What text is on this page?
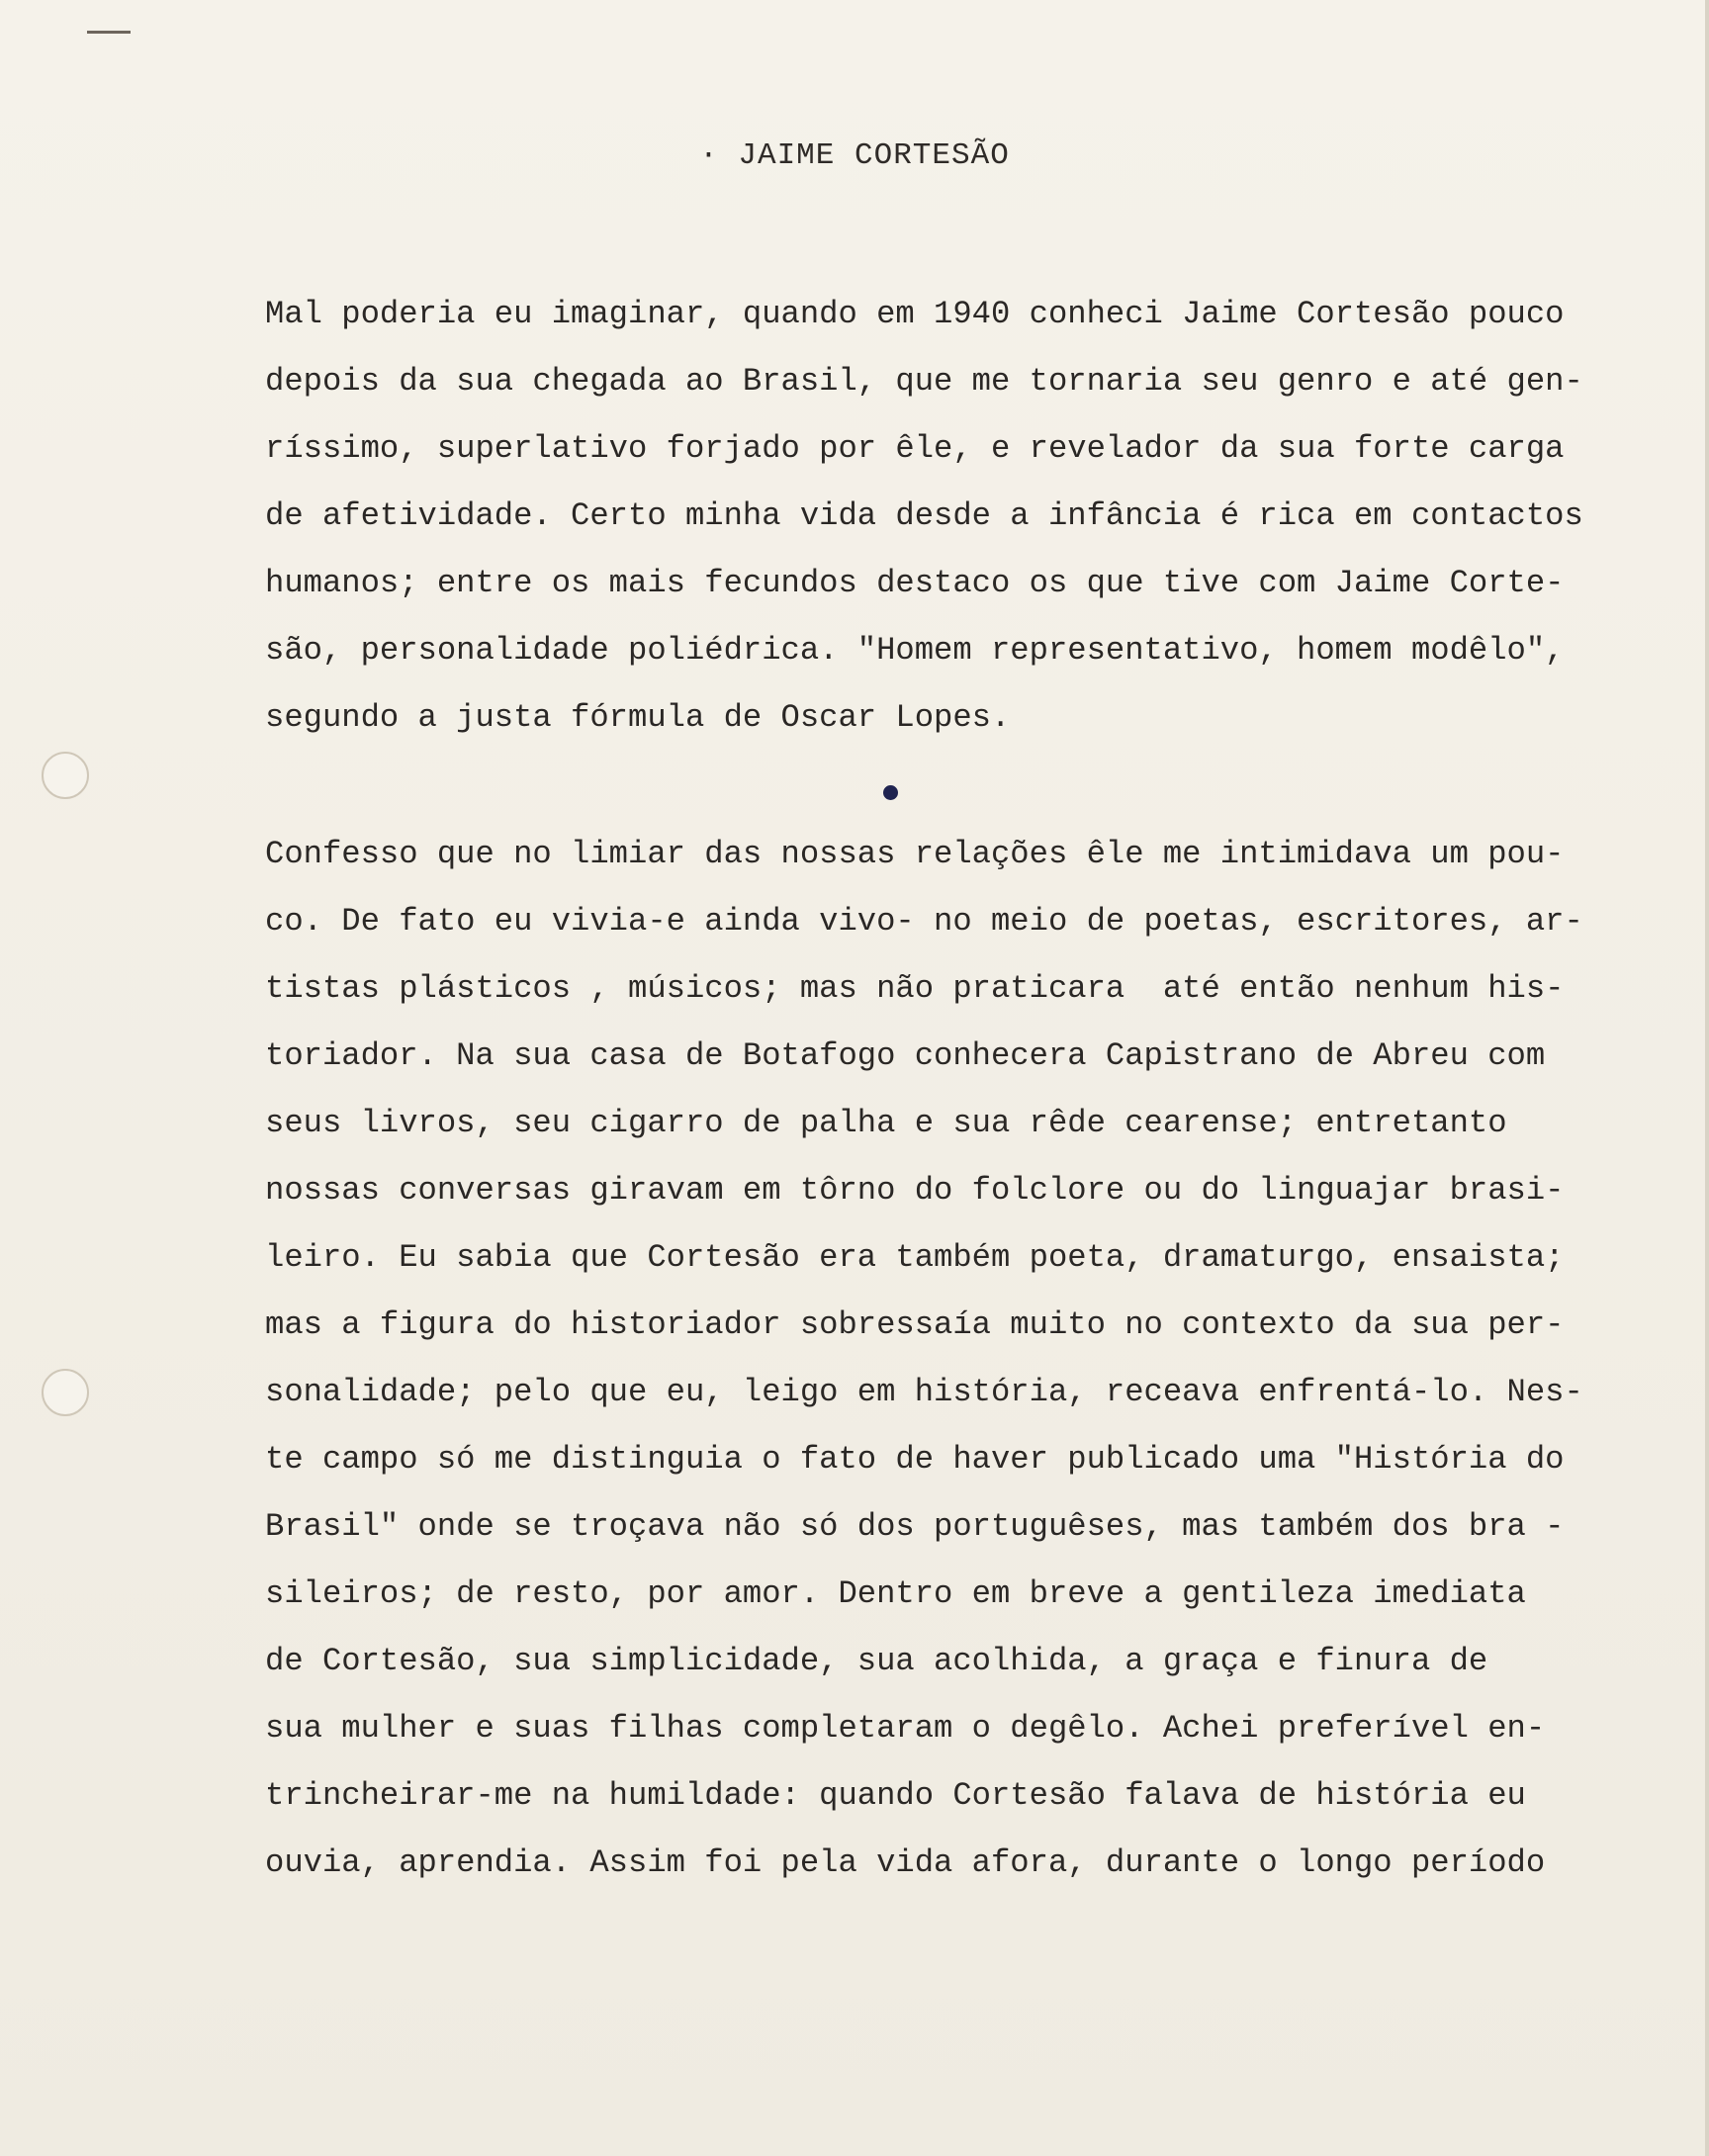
· JAIME CORTESÃO
Mal poderia eu imaginar, quando em 1940 conheci Jaime Cortesão pouco
depois da sua chegada ao Brasil, que me tornaria seu genro e até gen-
ríssimo, superlativo forjado por êle, e revelador da sua forte carga
de afetividade. Certo minha vida desde a infância é rica em contactos
humanos; entre os mais fecundos destaco os que tive com Jaime Corte-
são, personalidade poliédrica. "Homem representativo, homem modêlo",
segundo a justa fórmula de Oscar Lopes.
Confesso que no limiar das nossas relações êle me intimidava um pou-
co. De fato eu vivia-e ainda vivo- no meio de poetas, escritores, ar-
tistas plásticos , músicos; mas não praticara  até então nenhum his-
toriador. Na sua casa de Botafogo conhecera Capistrano de Abreu com
seus livros, seu cigarro de palha e sua rêde cearense; entretanto
nossas conversas giravam em tôrno do folclore ou do linguajar brasi-
leiro. Eu sabia que Cortesão era também poeta, dramaturgo, ensaista;
mas a figura do historiador sobressaía muito no contexto da sua per-
sonalidade; pelo que eu, leigo em história, receava enfrentá-lo. Nes-
te campo só me distinguia o fato de haver publicado uma "História do
Brasil" onde se troçava não só dos portuguêses, mas também dos bra -
sileiros; de resto, por amor. Dentro em breve a gentileza imediata
de Cortesão, sua simplicidade, sua acolhida, a graça e finura de
sua mulher e suas filhas completaram o degêlo. Achei preferível en-
trincheirar-me na humildade: quando Cortesão falava de história eu
ouvia, aprendia. Assim foi pela vida afora, durante o longo período
